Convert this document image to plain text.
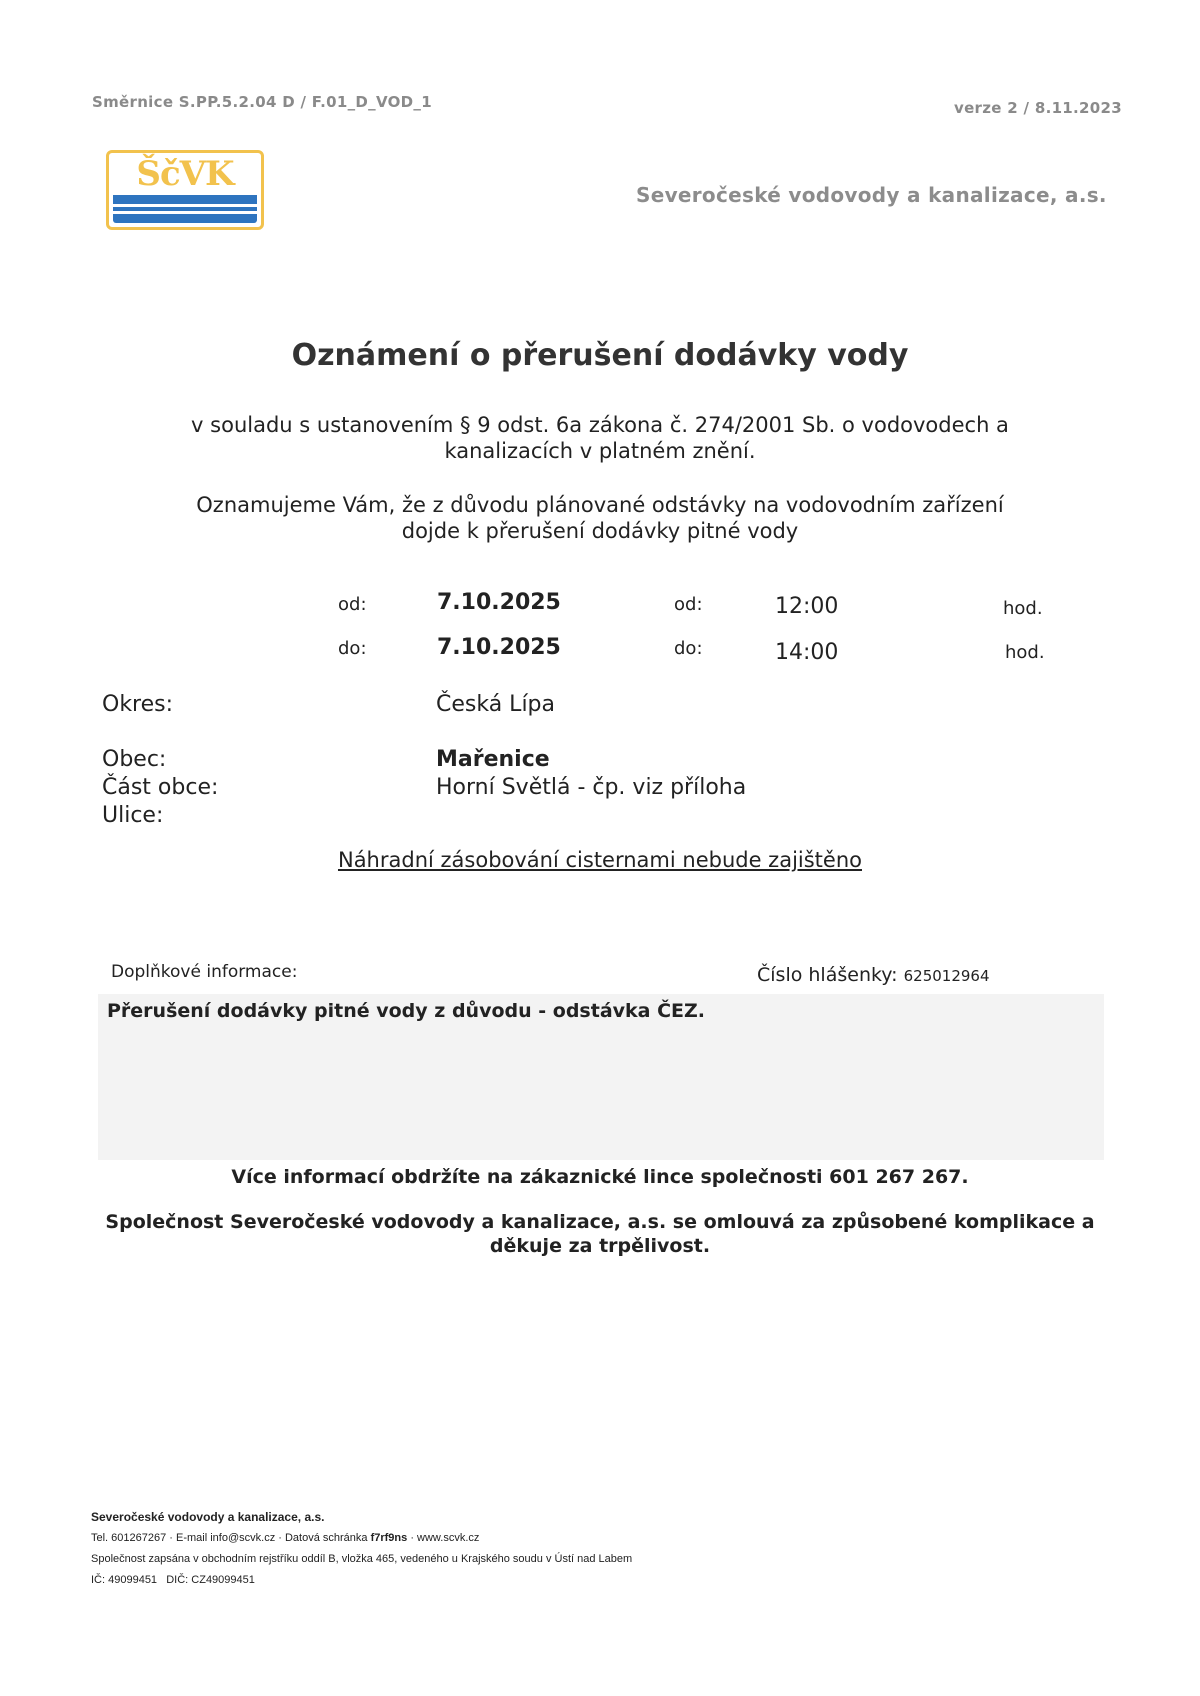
Směrnice S.PP.5.2.04 D / F.01_D_VOD_1	verze 2 / 8.11.2023
ŠčVK
Severočeské vodovody a kanalizace, a.s.
Oznámení o přerušení dodávky vody
v souladu s ustanovením § 9 odst. 6a zákona č. 274/2001 Sb. o vodovodech a
kanalizacích v platném znění.
Oznamujeme Vám, že z důvodu plánované odstávky na vodovodním zařízení
dojde k přerušení dodávky pitné vody
od:	7.10.2025	od:	12:00	hod.
do:	7.10.2025	do:	14:00	hod.
Okres:	Česká Lípa
Obec:	Mařenice
Část obce:	Horní Světlá - čp. viz příloha
Ulice:
Náhradní zásobování cisternami nebude zajištěno
Doplňkové informace:	Číslo hlášenky: 625012964
Přerušení dodávky pitné vody z důvodu - odstávka ČEZ.
Více informací obdržíte na zákaznické lince společnosti 601 267 267.
Společnost Severočeské vodovody a kanalizace, a.s. se omlouvá za způsobené komplikace a
děkuje za trpělivost.
Severočeské vodovody a kanalizace, a.s.
Tel. 601267267 · E-mail info@scvk.cz · Datová schránka f7rf9ns · www.scvk.cz
Společnost zapsána v obchodním rejstříku oddíl B, vložka 465, vedeného u Krajského soudu v Ústí nad Labem
IČ: 49099451   DIČ: CZ49099451
